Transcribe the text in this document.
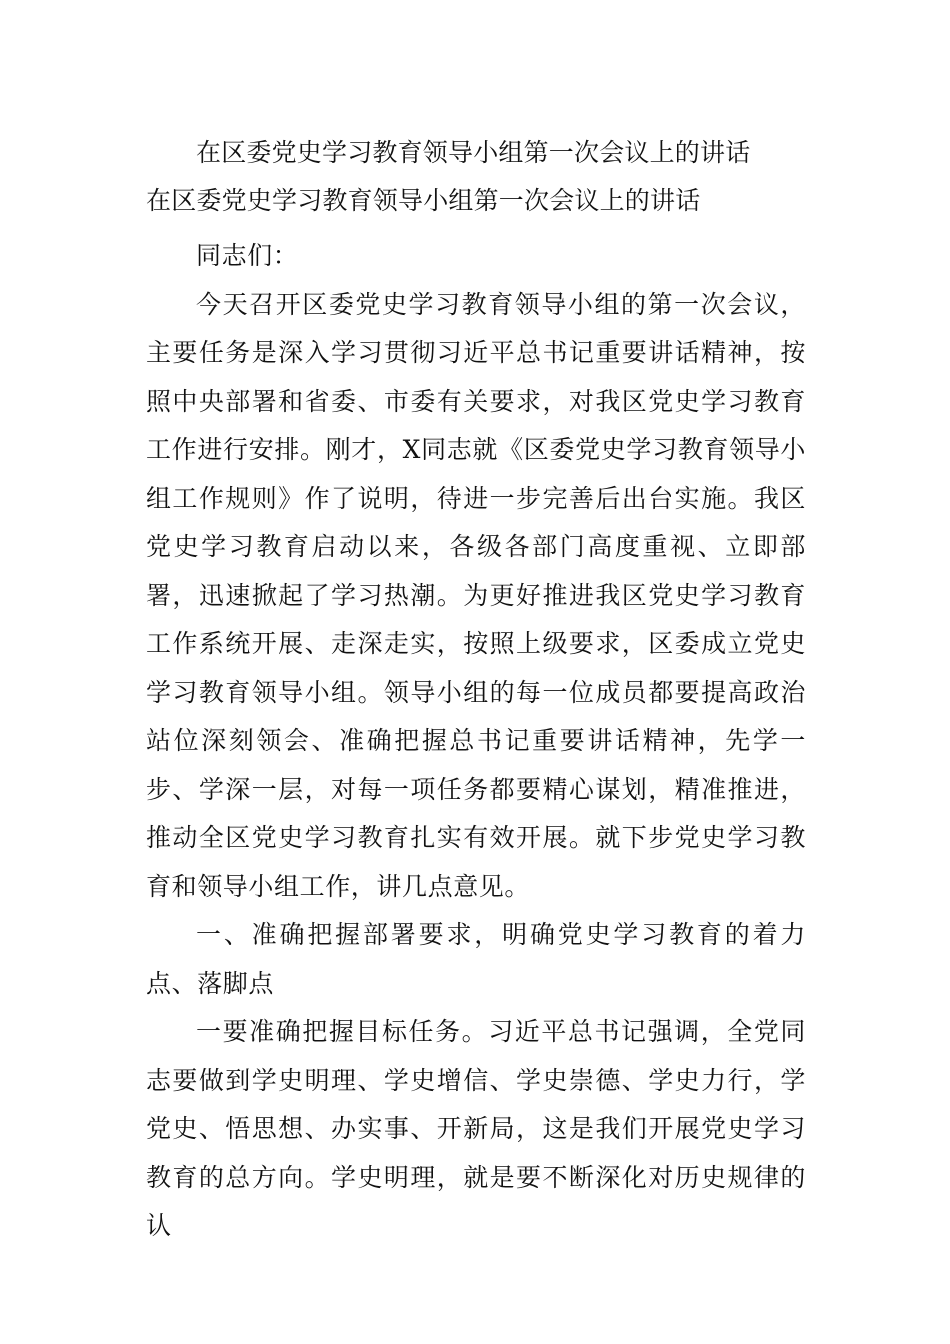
在区委党史学习教育领导小组第一次会议上的讲话
在区委党史学习教育领导小组第一次会议上的讲话

同志们：

今天召开区委党史学习教育领导小组的第一次会议，主要任务是深入学习贯彻习近平总书记重要讲话精神，按照中央部署和省委、市委有关要求，对我区党史学习教育工作进行安排。刚才，X同志就《区委党史学习教育领导小组工作规则》作了说明，待进一步完善后出台实施。我区党史学习教育启动以来，各级各部门高度重视、立即部署，迅速掀起了学习热潮。为更好推进我区党史学习教育工作系统开展、走深走实，按照上级要求，区委成立党史学习教育领导小组。领导小组的每一位成员都要提高政治站位深刻领会、准确把握总书记重要讲话精神，先学一步、学深一层，对每一项任务都要精心谋划，精准推进，推动全区党史学习教育扎实有效开展。就下步党史学习教育和领导小组工作，讲几点意见。

一、准确把握部署要求，明确党史学习教育的着力点、落脚点

一要准确把握目标任务。习近平总书记强调，全党同志要做到学史明理、学史增信、学史崇德、学史力行，学党史、悟思想、办实事、开新局，这是我们开展党史学习教育的总方向。学史明理，就是要不断深化对历史规律的认
